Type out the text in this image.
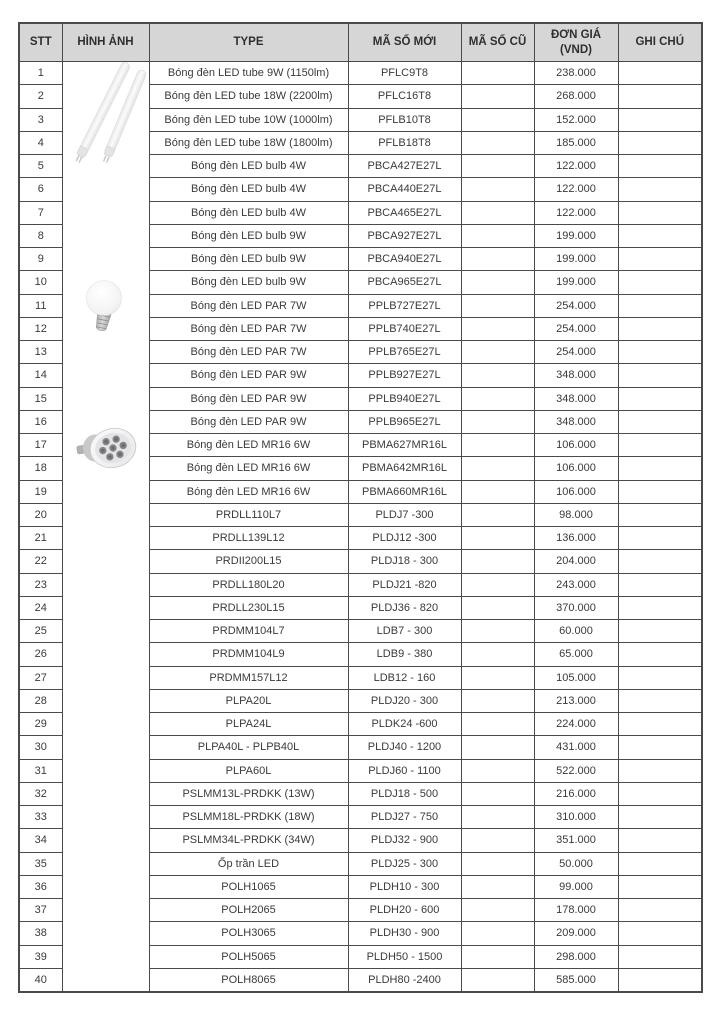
STT	HÌNH ẢNH	TYPE	MÃ SỐ MỚI	MÃ SỐ CŨ	ĐƠN GIÁ (VND)	GHI CHÚ
1		Bóng đèn LED tube 9W (1150lm)	PFLC9T8		238.000	
2		Bóng đèn LED tube 18W (2200lm)	PFLC16T8		268.000	
3		Bóng đèn LED tube 10W (1000lm)	PFLB10T8		152.000	
4		Bóng đèn LED tube 18W (1800lm)	PFLB18T8		185.000	
5		Bóng đèn LED bulb 4W	PBCA427E27L		122.000	
6		Bóng đèn LED bulb 4W	PBCA440E27L		122.000	
7		Bóng đèn LED bulb 4W	PBCA465E27L		122.000	
8		Bóng đèn LED bulb 9W	PBCA927E27L		199.000	
9		Bóng đèn LED bulb 9W	PBCA940E27L		199.000	
10		Bóng đèn LED bulb 9W	PBCA965E27L		199.000	
11		Bóng đèn LED PAR 7W	PPLB727E27L		254.000	
12		Bóng đèn LED PAR 7W	PPLB740E27L		254.000	
13		Bóng đèn LED PAR 7W	PPLB765E27L		254.000	
14		Bóng đèn LED PAR 9W	PPLB927E27L		348.000	
15		Bóng đèn LED PAR 9W	PPLB940E27L		348.000	
16		Bóng đèn LED PAR 9W	PPLB965E27L		348.000	
17		Bóng đèn LED MR16 6W	PBMA627MR16L		106.000	
18		Bóng đèn LED MR16 6W	PBMA642MR16L		106.000	
19		Bóng đèn LED MR16 6W	PBMA660MR16L		106.000	
20		PRDLL110L7	PLDJ7 -300		98.000	
21		PRDLL139L12	PLDJ12 -300		136.000	
22		PRDII200L15	PLDJ18 - 300		204.000	
23		PRDLL180L20	PLDJ21 -820		243.000	
24		PRDLL230L15	PLDJ36 - 820		370.000	
25		PRDMM104L7	LDB7 - 300		60.000	
26		PRDMM104L9	LDB9 - 380		65.000	
27		PRDMM157L12	LDB12 - 160		105.000	
28		PLPA20L	PLDJ20 - 300		213.000	
29		PLPA24L	PLDK24 -600		224.000	
30		PLPA40L - PLPB40L	PLDJ40 - 1200		431.000	
31		PLPA60L	PLDJ60 - 1100		522.000	
32		PSLMM13L-PRDKK (13W)	PLDJ18 - 500		216.000	
33		PSLMM18L-PRDKK (18W)	PLDJ27 - 750		310.000	
34		PSLMM34L-PRDKK (34W)	PLDJ32 - 900		351.000	
35		Ốp trần LED	PLDJ25 - 300		50.000	
36		POLH1065	PLDH10 - 300		99.000	
37		POLH2065	PLDH20 - 600		178.000	
38		POLH3065	PLDH30 - 900		209.000	
39		POLH5065	PLDH50 - 1500		298.000	
40		POLH8065	PLDH80 -2400		585.000	
